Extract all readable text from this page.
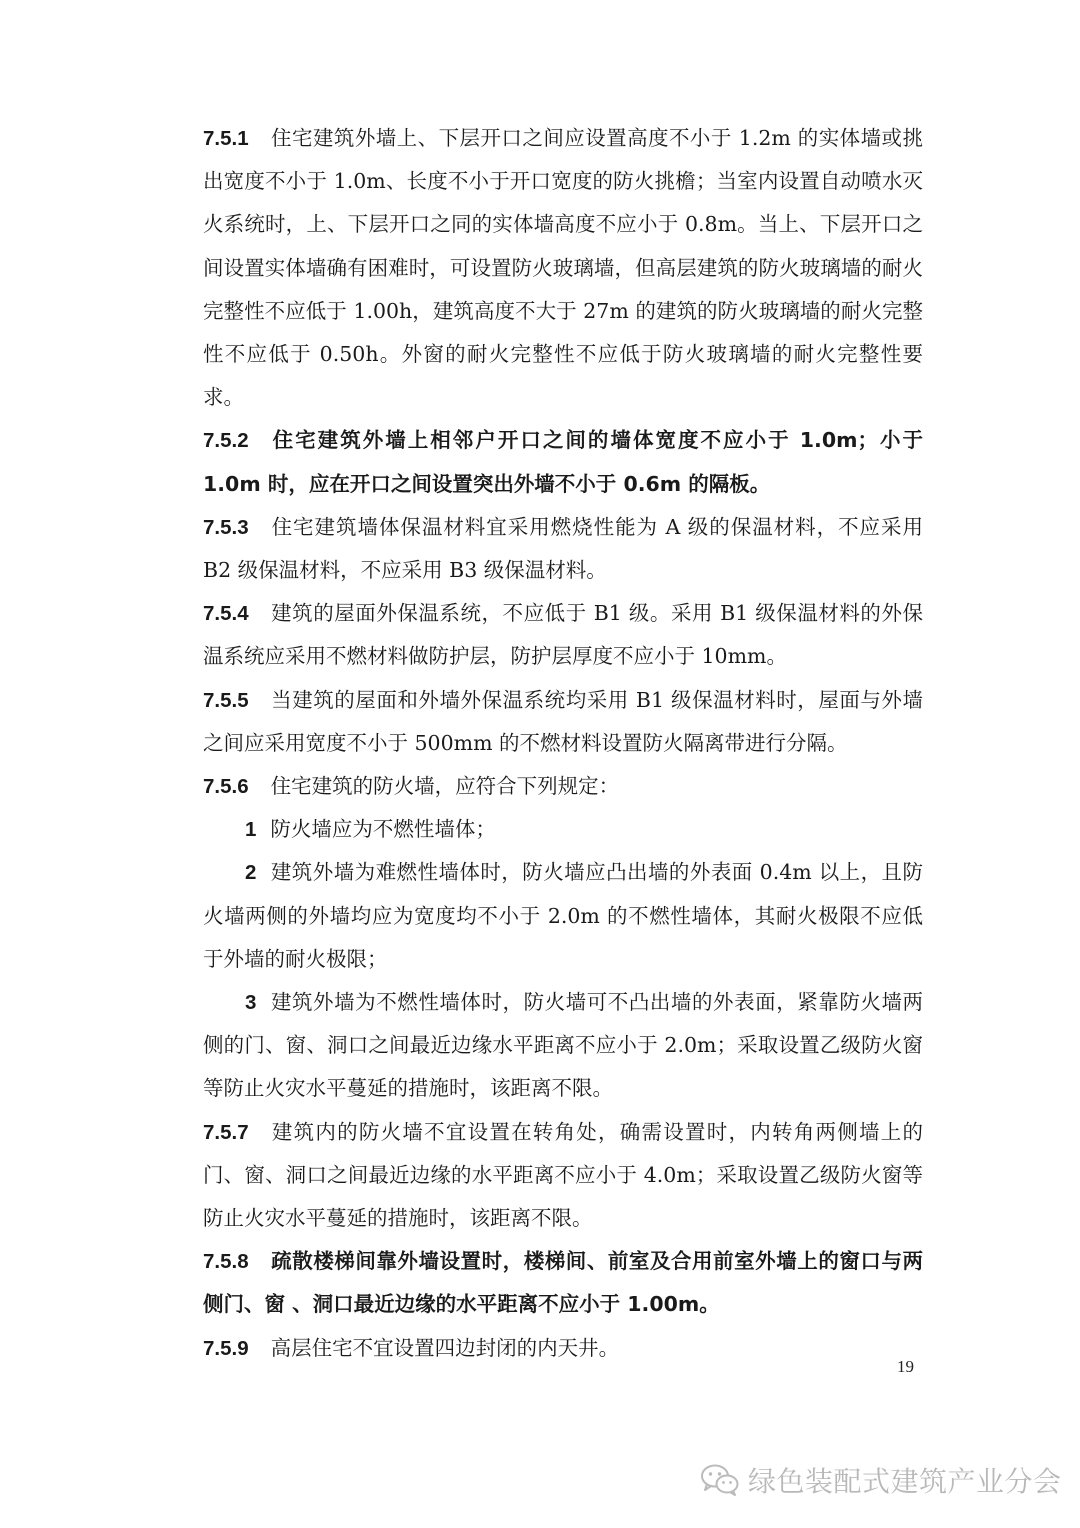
7.5.1 住宅建筑外墙上、下层开口之间应设置高度不小于 1.2m 的实体墙或挑出宽度不小于 1.0m、长度不小于开口宽度的防火挑檐；当室内设置自动喷水灭火系统时，上、下层开口之同的实体墙高度不应小于 0.8m。当上、下层开口之间设置实体墙确有困难时，可设置防火玻璃墙，但高层建筑的防火玻璃墙的耐火完整性不应低于 1.00h，建筑高度不大于 27m 的建筑的防火玻璃墙的耐火完整性不应低于 0.50h。外窗的耐火完整性不应低于防火玻璃墙的耐火完整性要求。

7.5.2 住宅建筑外墙上相邻户开口之间的墙体宽度不应小于 1.0m；小于 1.0m 时，应在开口之间设置突出外墙不小于 0.6m 的隔板。

7.5.3 住宅建筑墙体保温材料宜采用燃烧性能为 A 级的保温材料，不应采用 B2 级保温材料，不应采用 B3 级保温材料。

7.5.4 建筑的屋面外保温系统，不应低于 B1 级。采用 B1 级保温材料的外保温系统应采用不燃材料做防护层，防护层厚度不应小于 10mm。

7.5.5 当建筑的屋面和外墙外保温系统均采用 B1 级保温材料时，屋面与外墙之间应采用宽度不小于 500mm 的不燃材料设置防火隔离带进行分隔。

7.5.6 住宅建筑的防火墙，应符合下列规定：

1 防火墙应为不燃性墙体；

2 建筑外墙为难燃性墙体时，防火墙应凸出墙的外表面 0.4m 以上，且防火墙两侧的外墙均应为宽度均不小于 2.0m 的不燃性墙体，其耐火极限不应低于外墙的耐火极限；

3 建筑外墙为不燃性墙体时，防火墙可不凸出墙的外表面，紧靠防火墙两侧的门、窗、洞口之间最近边缘水平距离不应小于 2.0m；采取设置乙级防火窗等防止火灾水平蔓延的措施时，该距离不限。

7.5.7 建筑内的防火墙不宜设置在转角处，确需设置时，内转角两侧墙上的门、窗、洞口之间最近边缘的水平距离不应小于 4.0m；采取设置乙级防火窗等防止火灾水平蔓延的措施时，该距离不限。

7.5.8 疏散楼梯间靠外墙设置时，楼梯间、前室及合用前室外墙上的窗口与两侧门、窗 、洞口最近边缘的水平距离不应小于 1.00m。

7.5.9 高层住宅不宜设置四边封闭的内天井。

19
绿色装配式建筑产业分会
